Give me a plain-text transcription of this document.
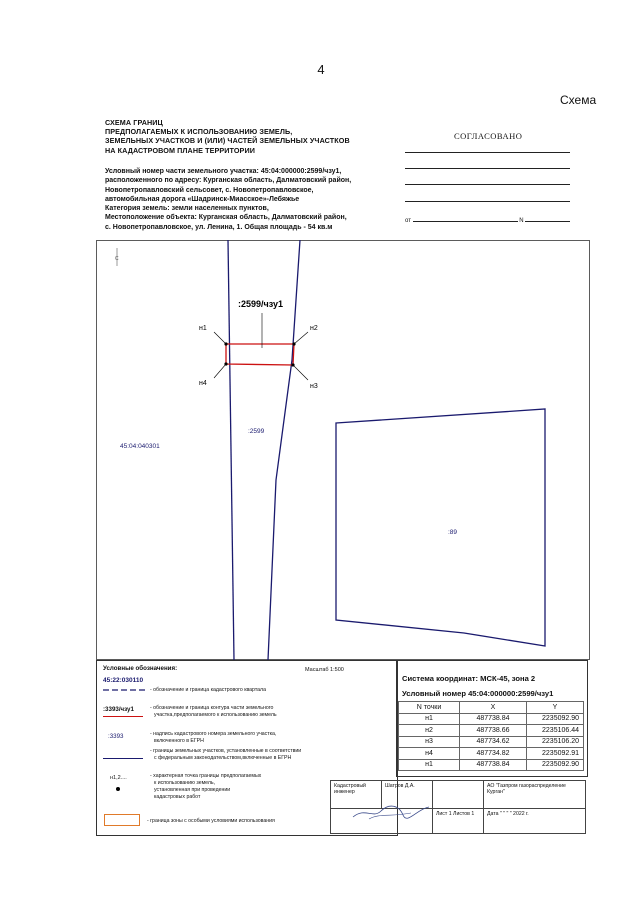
4
Схема
СХЕМА ГРАНИЦ
ПРЕДПОЛАГАЕМЫХ К ИСПОЛЬЗОВАНИЮ ЗЕМЕЛЬ,
ЗЕМЕЛЬНЫХ УЧАСТКОВ И (ИЛИ) ЧАСТЕЙ ЗЕМЕЛЬНЫХ УЧАСТКОВ
НА КАДАСТРОВОМ ПЛАНЕ ТЕРРИТОРИИ
Условный номер части земельного участка: 45:04:000000:2599/чзу1,
расположенного по адресу: Курганская область, Далматовский район,
Новопетропавловский сельсовет, с. Новопетропавловское,
автомобильная дорога «Шадринск-Миасское»-Лебяжье
Категория земель: земли населенных пунктов,
Местоположение объекта: Курганская область, Далматовский район,
с. Новопетропавловское, ул. Ленина, 1. Общая площадь - 54 кв.м
СОГЛАСОВАНО
от	N
С
н1	н2
н3
н4
:2599/чзу1
:2599
45:04:040301
:89
Условные обозначения:	Масштаб 1:500
45:22:030110
- обозначение и граница кадастрового квартала
:3393/чзу1	- обозначение и граница контура части земельного
участка,предполагаемого к использованию земель
:3393	- надпись кадастрового номера земельного участка,
включенного в ЕГРН
- границы земельных участков, установленные в соответствии
с федеральным законодательством,включенные в ЕГРН
н1,2....	- характерная точка границы предполагаемых
к использованию земель,
установленная при проведении
кадастровых работ
- граница зоны с особыми условиями использования
Система координат: МСК-45, зона 2
Условный номер 45:04:000000:2599/чзу1
N точки	X	Y
н1	487738.84	2235092.90
н2	487738.66	2235106.44
н3	487734.62	2235106.20
н4	487734.82	2235092.91
н1	487738.84	2235092.90
Кадастровый инженер	Шатров Д.А.		АО "Газпром газораспределение Курган"

	Лист 1 Листов 1	Дата " " " " 2022 г.
